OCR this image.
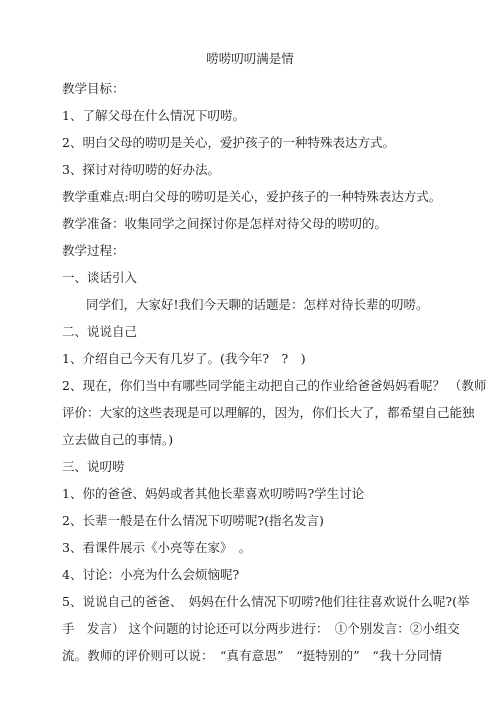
唠唠叨叨满是情
教学目标：
1、了解父母在什么情况下叨唠。
2、明白父母的唠叨是关心，爱护孩子的一种特殊表达方式。
3、探讨对待叨唠的好办法。
教学重难点:明白父母的唠叨是关心，爱护孩子的一种特殊表达方式。
教学准备：收集同学之间探讨你是怎样对待父母的唠叨的。
教学过程：
一、谈话引入
同学们，大家好!我们今天聊的话题是：怎样对待长辈的叨唠。
二、说说自己
1、介绍自己今天有几岁了。(我今年?　?　)
2、现在，你们当中有哪些同学能主动把自己的作业给爸爸妈妈看呢？ （教师
评价：大家的这些表现是可以理解的，因为，你们长大了，都希望自己能独
立去做自己的事情。)
三、说叨唠
1、你的爸爸、妈妈或者其他长辈喜欢叨唠吗?学生讨论
2、长辈一般是在什么情况下叨唠呢?(指名发言)
3、看课件展示《小亮等在家》　。
4、讨论：小亮为什么会烦恼呢?
5、说说自己的爸爸、　妈妈在什么情况下叨唠?他们往往喜欢说什么呢?(举
手　发言） 这个问题的讨论还可以分两步进行：　①个别发言：②小组交
流。教师的评价则可以说：　“真有意思”　“挺特别的”　“我十分同情
